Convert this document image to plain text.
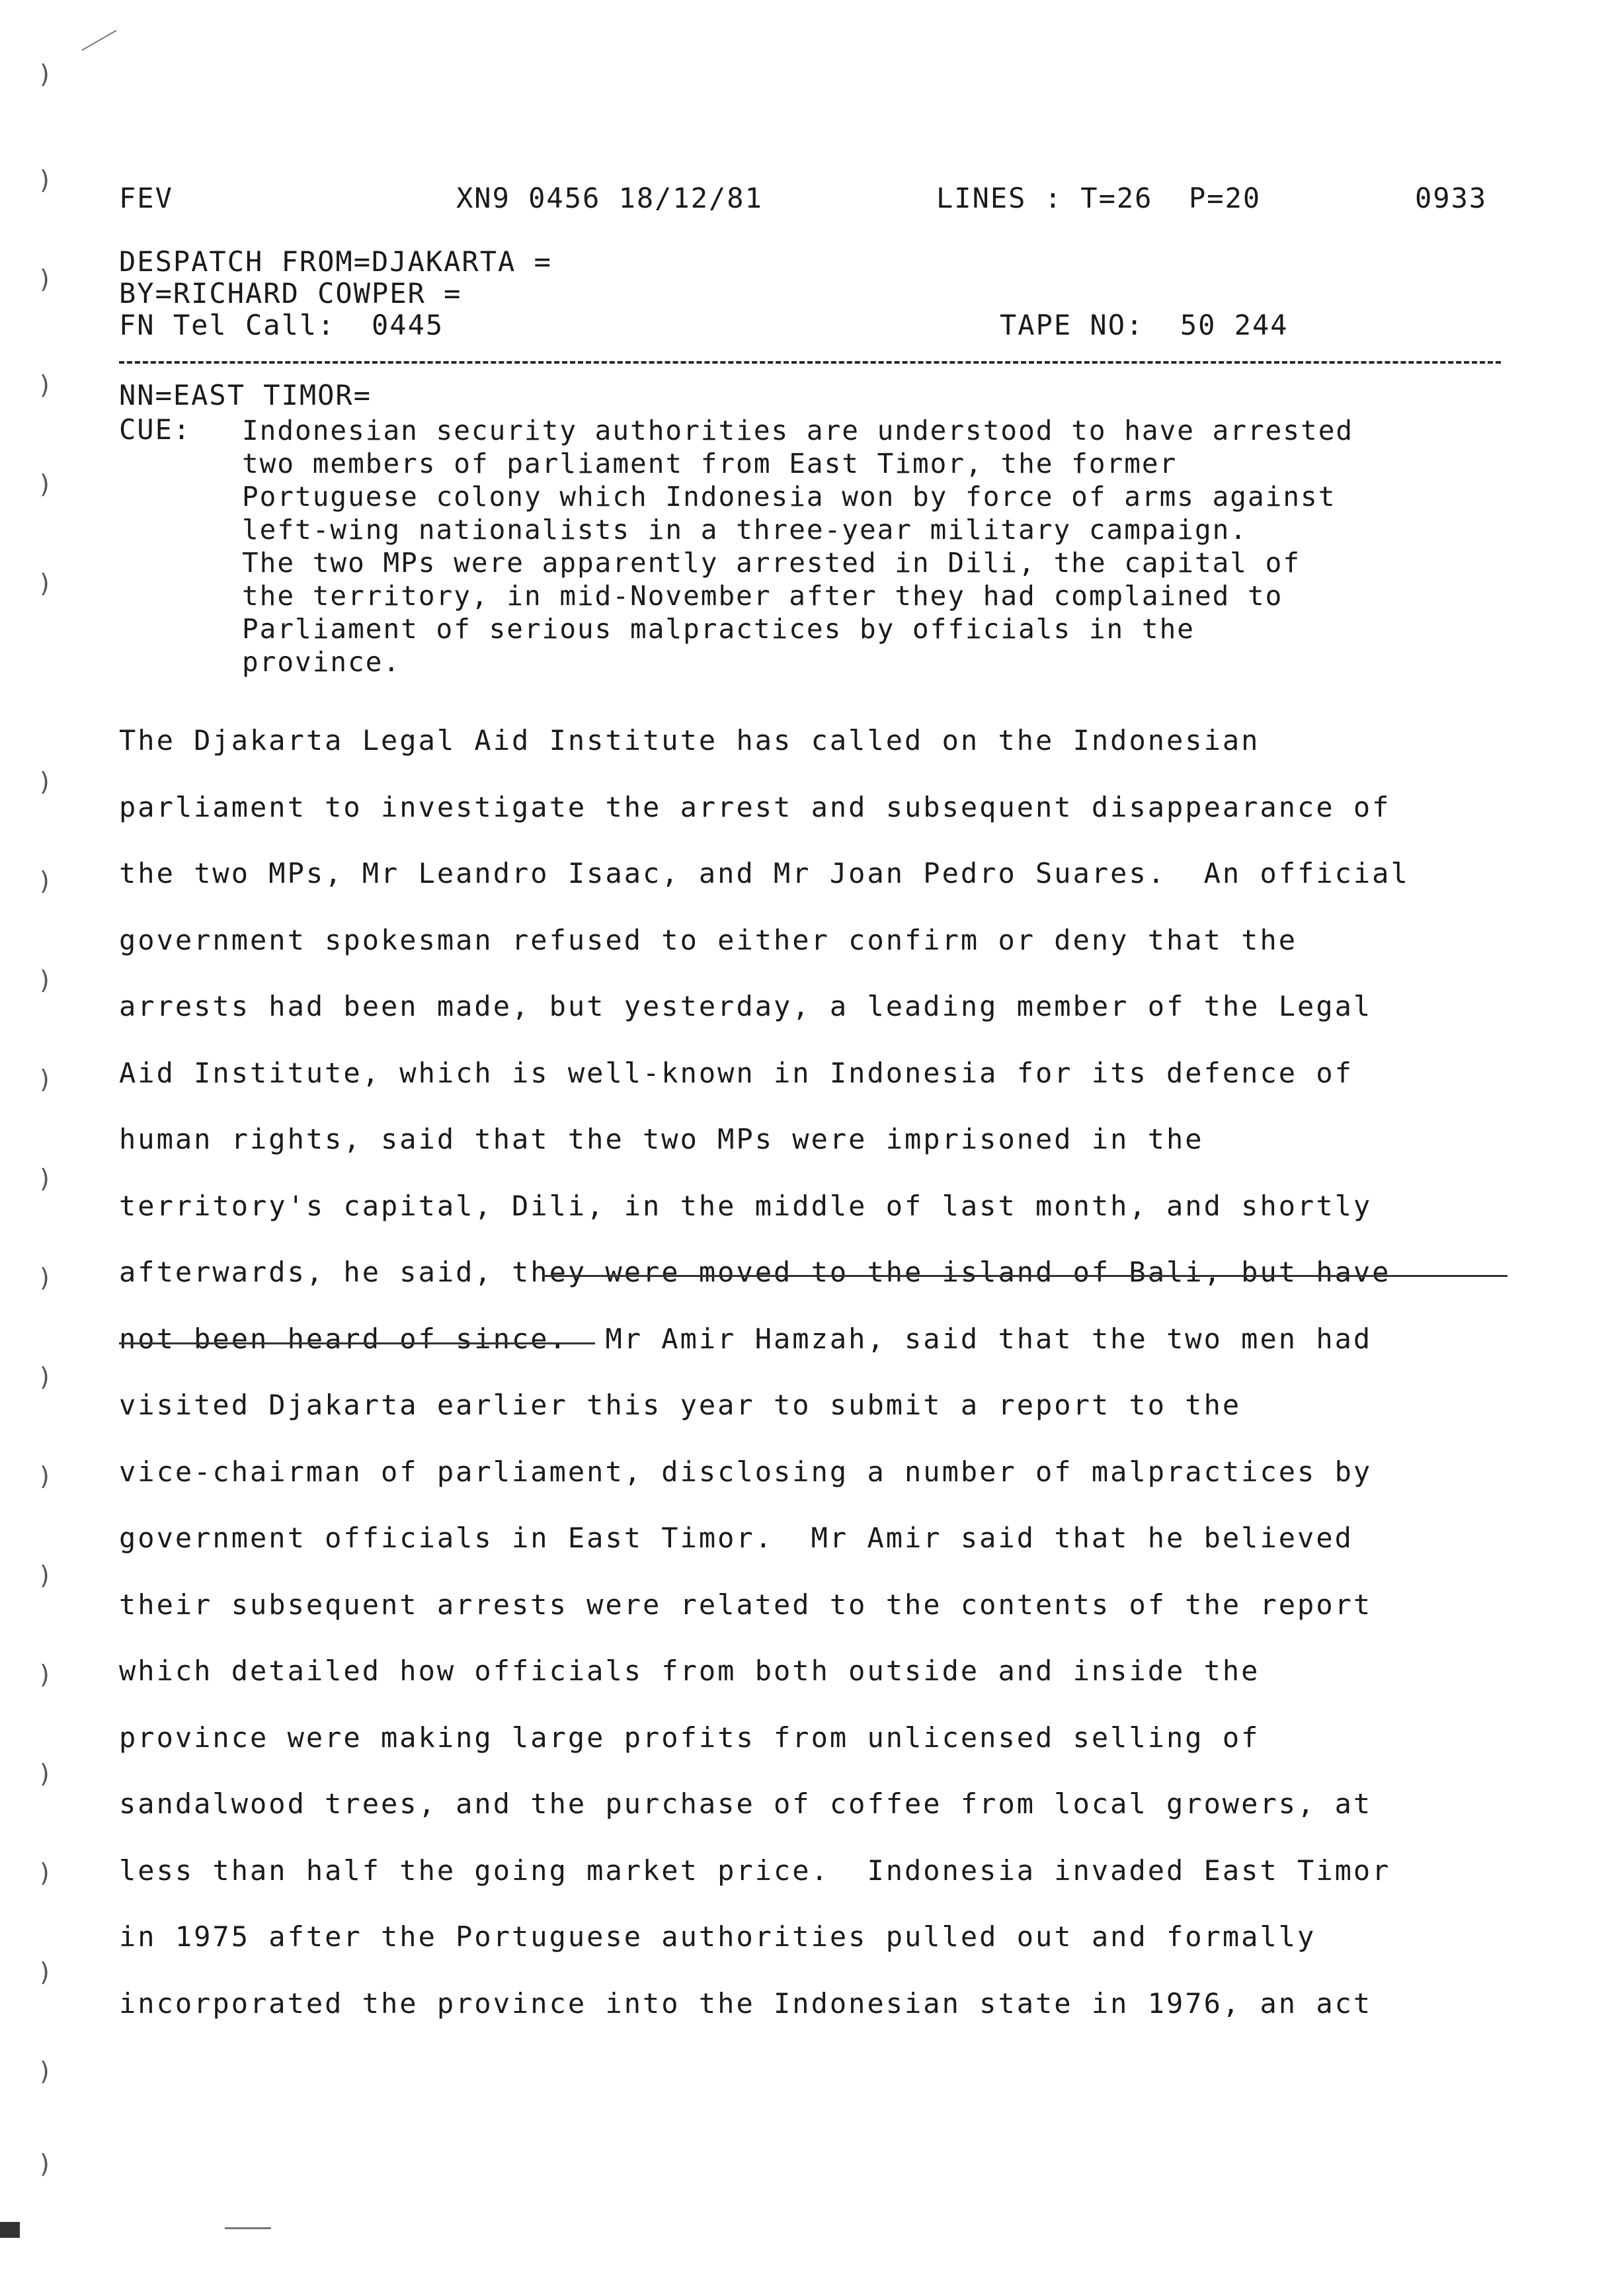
FEV	XN9 0456 18/12/81	LINES : T=26  P=20	0933
DESPATCH FROM=DJAKARTA =
BY=RICHARD COWPER =
FN Tel Call:  0445	TAPE NO:  50 244
NN=EAST TIMOR=
CUE: Indonesian security authorities are understood to have arrested
two members of parliament from East Timor, the former
Portuguese colony which Indonesia won by force of arms against
left-wing nationalists in a three-year military campaign.
The two MPs were apparently arrested in Dili, the capital of
the territory, in mid-November after they had complained to
Parliament of serious malpractices by officials in the
province.
The Djakarta Legal Aid Institute has called on the Indonesian
parliament to investigate the arrest and subsequent disappearance of
the two MPs, Mr Leandro Isaac, and Mr Joan Pedro Suares.  An official
government spokesman refused to either confirm or deny that the
arrests had been made, but yesterday, a leading member of the Legal
Aid Institute, which is well-known in Indonesia for its defence of
human rights, said that the two MPs were imprisoned in the
territory's capital, Dili, in the middle of last month, and shortly
afterwards, he said, they were moved to the island of Bali, but have
not been heard of since.  Mr Amir Hamzah, said that the two men had
visited Djakarta earlier this year to submit a report to the
vice-chairman of parliament, disclosing a number of malpractices by
government officials in East Timor.  Mr Amir said that he believed
their subsequent arrests were related to the contents of the report
which detailed how officials from both outside and inside the
province were making large profits from unlicensed selling of
sandalwood trees, and the purchase of coffee from local growers, at
less than half the going market price.  Indonesia invaded East Timor
in 1975 after the Portuguese authorities pulled out and formally
incorporated the province into the Indonesian state in 1976, an act
)
)
)
)
)
)
)
)
)
)
)
)
)
)
)
)
)
)
)
)
)
